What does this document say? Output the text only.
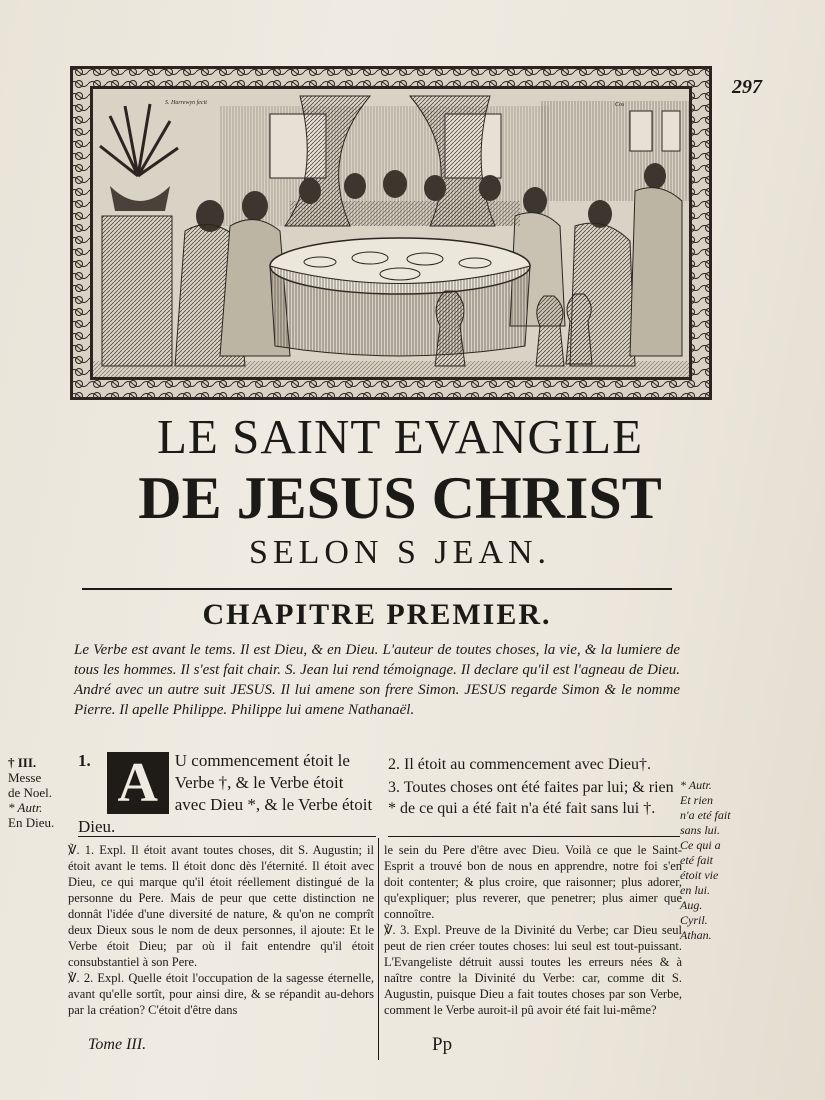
297
S. Harrewyn fecit	Cos
LE SAINT EVANGILE
DE JESUS CHRIST
SELON S JEAN.
CHAPITRE PREMIER.

Le Verbe est avant le tems. Il est Dieu, & en Dieu. L'auteur de toutes choses, la vie, & la lumiere de tous les hommes. Il s'est fait chair. S. Jean lui rend témoignage. Il declare qu'il est l'agneau de Dieu. André avec un autre suit JESUS. Il lui amene son frere Simon. JESUS regarde Simon & le nomme Pierre. Il apelle Philippe. Philippe lui amene Nathanaël.

† III.
Messe
de Noel.
* Autr.
En Dieu.
1. A U commencement étoit le Verbe †, & le Verbe étoit avec Dieu *, & le Verbe étoit Dieu.
2. Il étoit au commencement avec Dieu†.
3. Toutes choses ont été faites par lui; & rien * de ce qui a été fait n'a été fait sans lui †.
* Autr.
Et rien
n'a eté fait
sans lui.
Ce qui a
eté fait
étoit vie
en lui.
Aug.
Cyril.
Athan.

℣. 1. Expl. Il étoit avant toutes choses, dit S. Augustin; il étoit avant le tems. Il étoit donc dès l'éternité. Il étoit avec Dieu, ce qui marque qu'il étoit réellement distingué de la personne du Pere. Mais de peur que cette distinction ne donnât l'idée d'une diversité de nature, & qu'on ne comprît deux Dieux sous le nom de deux personnes, il ajoute: Et le Verbe étoit Dieu; par où il fait entendre qu'il étoit consubstantiel à son Pere.

℣. 2. Expl. Quelle étoit l'occupation de la sagesse éternelle, avant qu'elle sortît, pour ainsi dire, & se répandit au-dehors par la création? C'étoit d'être dans

le sein du Pere d'être avec Dieu. Voilà ce que le Saint-Esprit a trouvé bon de nous en apprendre, notre foi s'en doit contenter; & plus croire, que raisonner; plus adorer, qu'expliquer; plus reverer, que penetrer; plus aimer que connoître.

℣. 3. Expl. Preuve de la Divinité du Verbe; car Dieu seul peut de rien créer toutes choses: lui seul est tout-puissant. L'Evangeliste détruit aussi toutes les erreurs nées & à naître contre la Divinité du Verbe: car, comme dit S. Augustin, puisque Dieu a fait toutes choses par son Verbe, comment le Verbe auroit-il pû avoir été fait lui-même?

Tome III.	Pp
